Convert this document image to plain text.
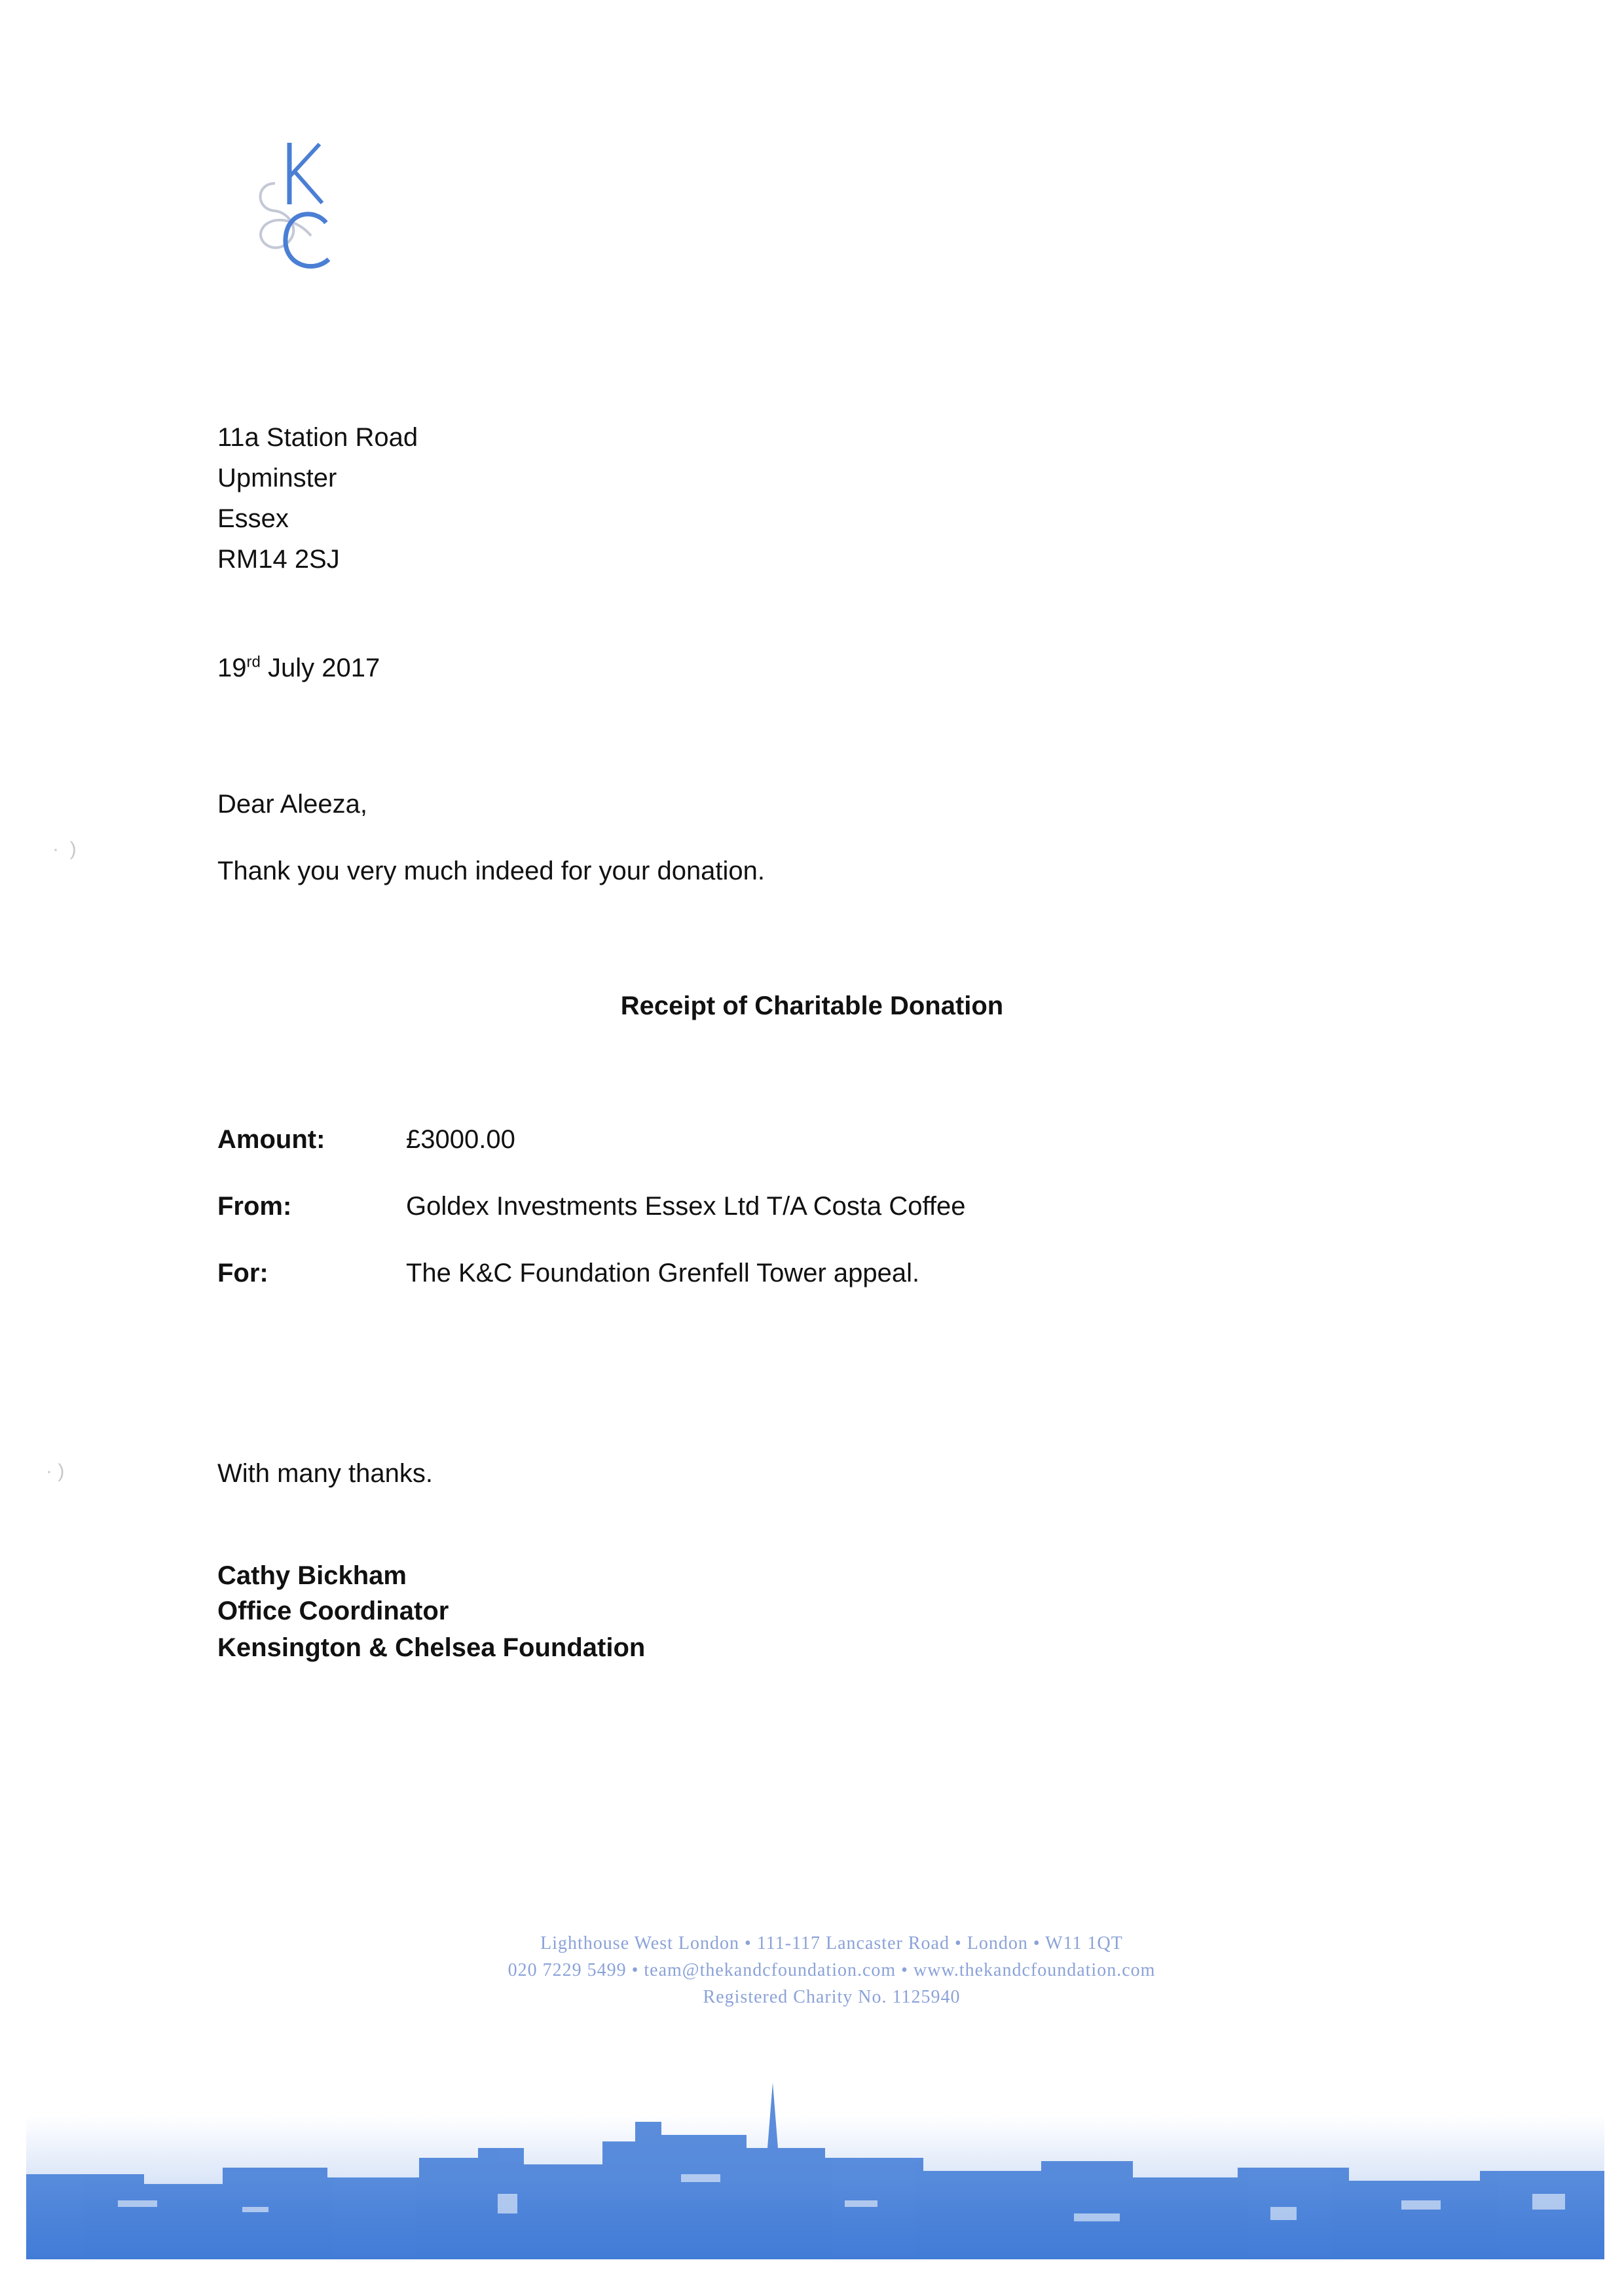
11a Station Road
Upminster
Essex
RM14 2SJ
19rd July 2017
Dear Aleeza,
Thank you very much indeed for your donation.
Receipt of Charitable Donation
Amount:	£3000.00
From:	Goldex Investments Essex Ltd T/A Costa Coffee
For:	The K&C Foundation Grenfell Tower appeal.
With many thanks.
Cathy Bickham
Office Coordinator
Kensington & Chelsea Foundation
·  )
· )
Lighthouse West London • 111-117 Lancaster Road • London • W11 1QT
020 7229 5499 • team@thekandcfoundation.com • www.thekandcfoundation.com
Registered Charity No. 1125940
